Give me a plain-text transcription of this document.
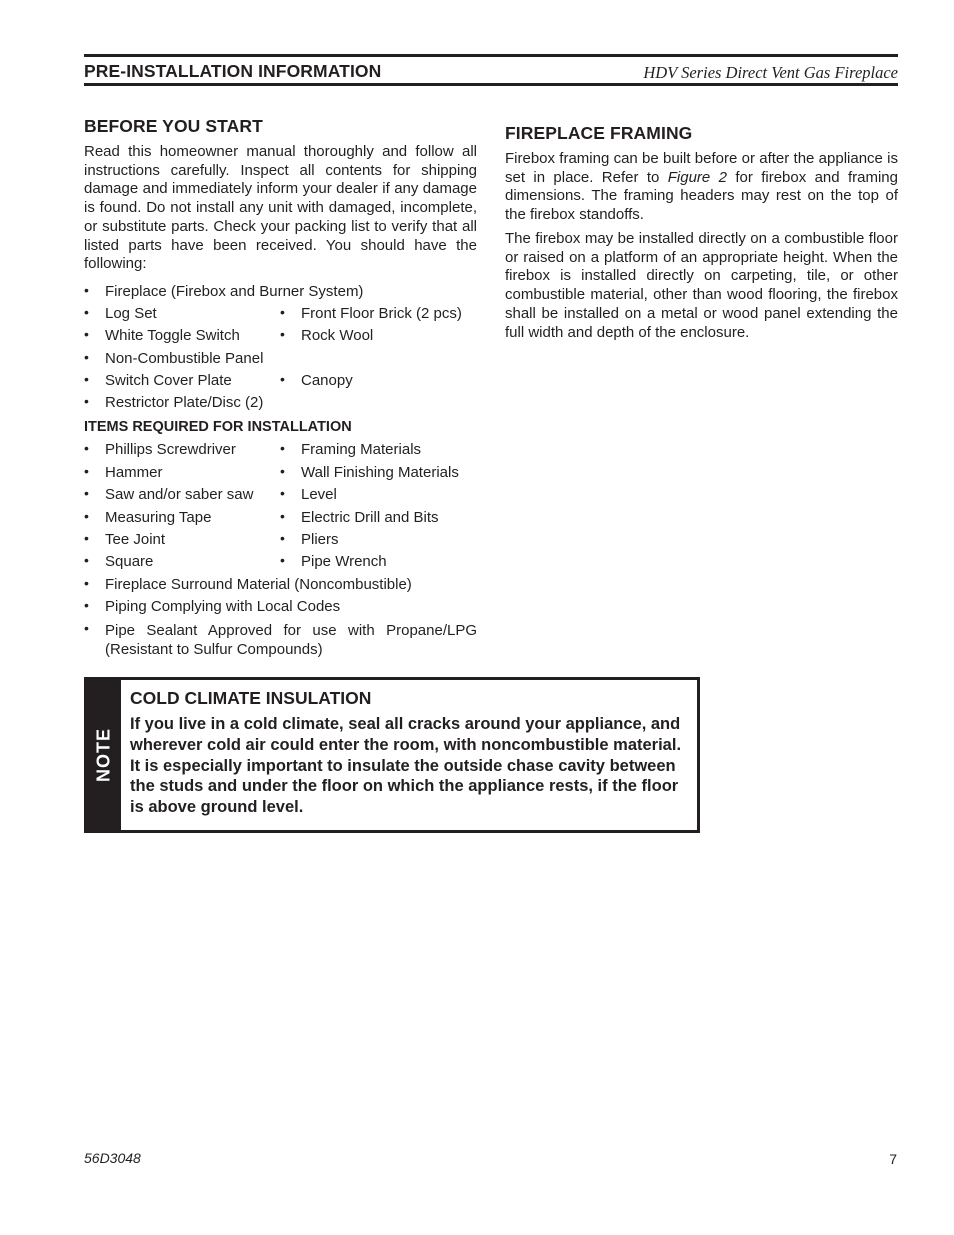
PRE-INSTALLATION INFORMATION	HDV Series Direct Vent Gas Fireplace
BEFORE YOU START

Read this homeowner manual thoroughly and follow all instructions carefully. Inspect all contents for shipping damage and immediately inform your dealer if any damage is found. Do not install any unit with damaged, incomplete, or substitute parts. Check your packing list to verify that all listed parts have been received. You should have the following:

• Fireplace (Firebox and Burner System)
• Log Set	• Front Floor Brick (2 pcs)
• White Toggle Switch	• Rock Wool
• Non-Combustible Panel
• Switch Cover Plate	• Canopy
• Restrictor Plate/Disc (2)
ITEMS REQUIRED FOR INSTALLATION
• Phillips Screwdriver	• Framing Materials
• Hammer	• Wall Finishing Materials
• Saw and/or saber saw • Level
• Measuring Tape	• Electric Drill and Bits
• Tee Joint	• Pliers
• Square	• Pipe Wrench
• Fireplace Surround Material (Noncombustible)
• Piping Complying with Local Codes
• Pipe Sealant Approved for use with Propane/LPG (Resistant to Sulfur Compounds)
FIREPLACE FRAMING

Firebox framing can be built before or after the appliance is set in place. Refer to Figure 2 for firebox and framing dimensions. The framing headers may rest on the top of the firebox standoffs.

The firebox may be installed directly on a combustible floor or raised on a platform of an appropriate height. When the firebox is installed directly on carpeting, tile, or other combustible material, other than wood flooring, the firebox shall be installed on a metal or wood panel extending the full width and depth of the enclosure.

NOTE
COLD CLIMATE INSULATION

If you live in a cold climate, seal all cracks around your appliance, and wherever cold air could enter the room, with noncombustible material. It is especially important to insulate the outside chase cavity between the studs and under the floor on which the appliance rests, if the floor is above ground level.

56D3048	7
